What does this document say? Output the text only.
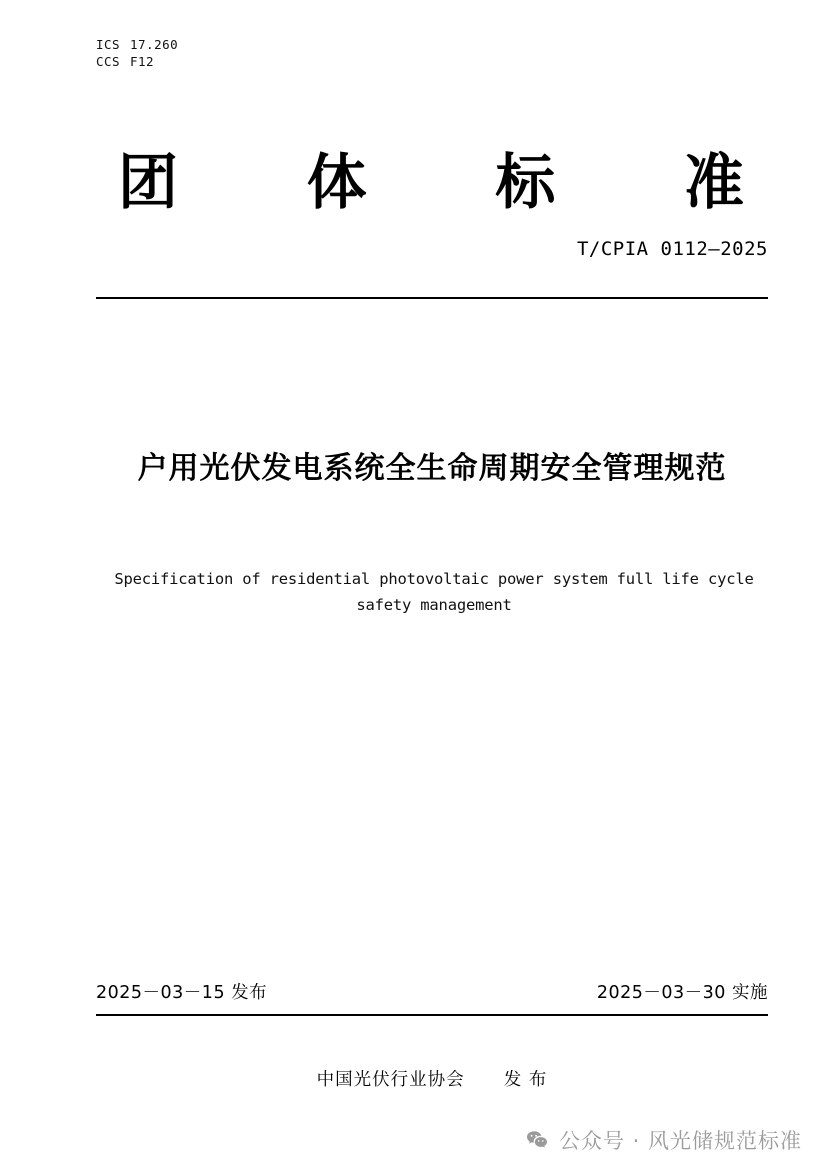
ICS 17.260
CCS F12
团 体 标 准
T/CPIA 0112—2025
户用光伏发电系统全生命周期安全管理规范
Specification of residential photovoltaic power system full life cycle safety management
2025－03－15 发布	2025－03－30 实施
中国光伏行业协会 发 布
公众号 · 风光储规范标准
